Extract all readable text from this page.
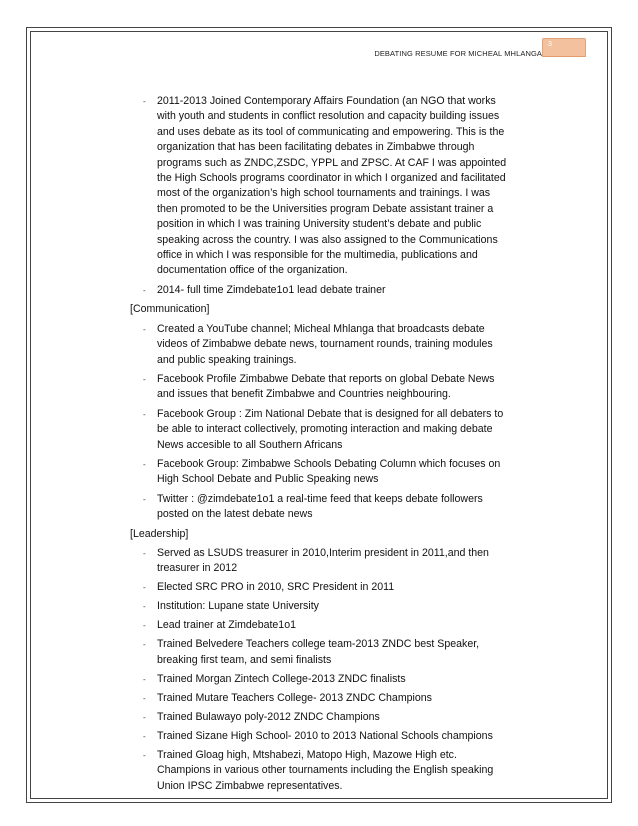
3
DEBATING RESUME FOR MICHEAL MHLANGA
- 2011-2013 Joined Contemporary Affairs Foundation (an NGO that works with youth and students in conflict resolution and capacity building issues and uses debate as its tool of communicating and empowering. This is the organization that has been facilitating debates in Zimbabwe through programs such as ZNDC,ZSDC, YPPL and ZPSC. At CAF I was appointed the High Schools programs coordinator in which I organized and facilitated most of the organization’s high school tournaments and trainings. I was then promoted to be the Universities program Debate assistant trainer a position in which I was training University student’s debate and public speaking across the country. I was also assigned to the Communications office in which I was responsible for the multimedia, publications and documentation office of the organization.
- 2014- full time Zimdebate1o1 lead debate trainer
[Communication]
- Created a YouTube channel; Micheal Mhlanga that broadcasts debate videos of Zimbabwe debate news, tournament rounds, training modules and public speaking trainings.
- Facebook Profile Zimbabwe Debate that reports on global Debate News and issues that benefit Zimbabwe and Countries neighbouring.
- Facebook Group : Zim National Debate that is designed for all debaters to be able to interact collectively, promoting interaction and making debate News accesible to all Southern Africans
- Facebook Group: Zimbabwe Schools Debating Column which focuses on High School Debate and Public Speaking news
- Twitter : @zimdebate1o1 a real-time feed that keeps debate followers posted on the latest debate news
[Leadership]
- Served as LSUDS treasurer in 2010,Interim president in 2011,and then treasurer in 2012
- Elected SRC PRO in 2010, SRC President in 2011
- Institution: Lupane state University
- Lead trainer at Zimdebate1o1
- Trained Belvedere Teachers college team-2013 ZNDC best Speaker, breaking first team, and semi finalists
- Trained Morgan Zintech College-2013 ZNDC finalists
- Trained Mutare Teachers College- 2013 ZNDC Champions
- Trained Bulawayo poly-2012 ZNDC Champions
- Trained Sizane High School- 2010 to 2013 National Schools champions
- Trained Gloag high, Mtshabezi, Matopo High, Mazowe High etc. Champions in various other tournaments including the English speaking Union IPSC Zimbabwe representatives.
